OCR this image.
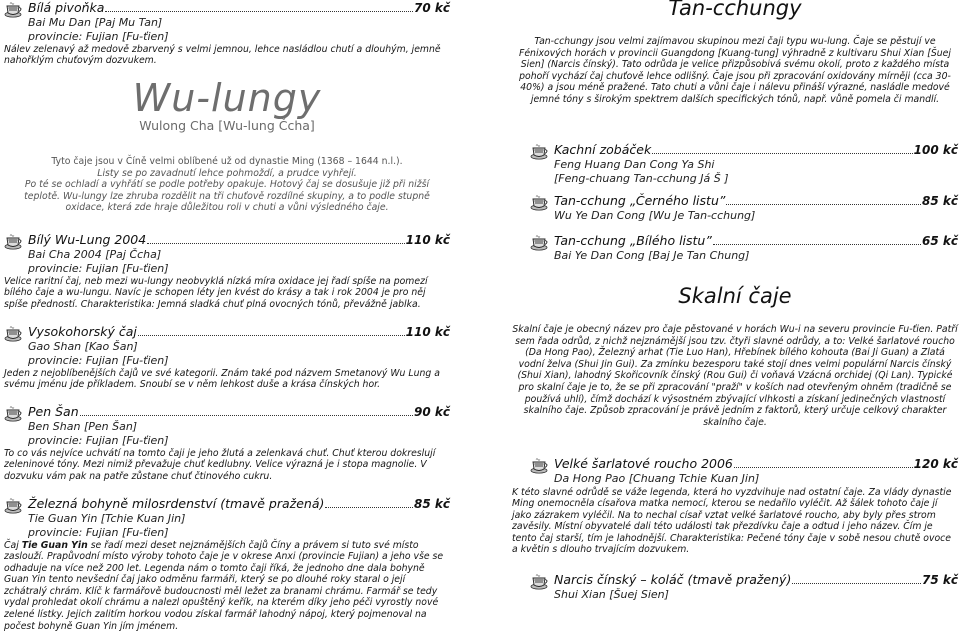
Bílá pivoňka	70 kč
Bai Mu Dan [Paj Mu Tan]
provincie: Fujian [Fu-ťien]
Nálev zelenavý až medově zbarvený s velmi jemnou, lehce nasládlou chutí a dlouhým, jemně nahořklým chuťovým dozvukem.
Wu-lungy
Wulong Cha [Wu-lung Čcha]
Tyto čaje jsou v Číně velmi oblíbené už od dynastie Ming (1368 – 1644 n.l.).
Listy se po zavadnutí lehce pohmoždí, a prudce vyhřejí.
Po té se ochladí a vyhřátí se podle potřeby opakuje. Hotový čaj se dosušuje již při nižší teplotě. Wu-lungy lze zhruba rozdělit na tři chuťově rozdílné skupiny, a to podle stupně oxidace, která zde hraje důležitou roli v chuti a vůni výsledného čaje.
Bílý Wu-Lung 2004	110 kč
Bai Cha 2004 [Paj Čcha]
provincie: Fujian [Fu-ťien]
Velice raritní čaj, neb mezi wu-lungy neobvyklá nízká míra oxidace jej řadí spíše na pomezí bílého čaje a wu-lungu. Navíc je schopen léty jen kvést do krásy a tak i rok 2004 je pro něj spíše předností. Charakteristika: Jemná sladká chuť plná ovocných tónů, převážně jablka.
Vysokohorský čaj	110 kč
Gao Shan [Kao Šan]
provincie: Fujian [Fu-ťien]
Jeden z nejoblíbenějších čajů ve své kategorii. Znám také pod názvem Smetanový Wu Lung a svému jménu jde příkladem. Snoubí se v něm lehkost duše a krása čínských hor.
Pen Šan	90 kč
Ben Shan [Pen Šan]
provincie: Fujian [Fu-ťien]
To co vás nejvíce uchvátí na tomto čaji je jeho žlutá a zelenkavá chuť. Chuť kterou dokreslují zeleninové tóny. Mezi nimiž převažuje chuť kedlubny. Velice výrazná je i stopa magnolie. V dozvuku vám pak na patře zůstane chuť čtinového cukru.
Železná bohyně milosrdenství (tmavě pražená)	85 kč
Tie Guan Yin [Tchie Kuan Jin]
provincie: Fujian [Fu-ťien]
Čaj Tie Guan Yin se řadí mezi deset nejznámějších čajů Číny a právem si tuto své místo zaslouží. Prapůvodní místo výroby tohoto čaje je v okrese Anxi (provincie Fujian) a jeho vše se odhaduje na více než 200 let. Legenda nám o tomto čaji říká, že jednoho dne dala bohyně Guan Yin tento nevšední čaj jako odměnu farmáři, který se po dlouhé roky staral o její zchátralý chrám. Klíč k farmářově budoucnosti měl ležet za branami chrámu. Farmář se tedy vydal prohledat okolí chrámu a nalezl opuštěný keřík, na kterém díky jeho péči vyrostly nové zelené lístky. Jejich zalitím horkou vodou získal farmář lahodný nápoj, který pojmenoval na počest bohyně Guan Yin jím jménem.
Tan-cchungy
Tan-cchungy jsou velmi zajímavou skupinou mezi čaji typu wu-lung. Čaje se pěstují ve Fénixových horách v provincii Guangdong [Kuang-tung] výhradně z kultivaru Shui Xian [Šuej Sien] (Narcis čínský). Tato odrůda je velice přizpůsobivá svému okolí, proto z každého místa pohoří vychází čaj chuťově lehce odlišný. Čaje jsou při zpracování oxidovány mírněji (cca 30-40%) a jsou méně pražené. Tato chuti a vůni čaje i nálevu přináší výrazné, nasládle medové jemné tóny s širokým spektrem dalších specifických tónů, např. vůně pomela či mandlí.
Kachní zobáček	100 kč
Feng Huang Dan Cong Ya Shi
[Feng-chuang Tan-cchung Já Š ]
Tan-cchung „Černého listu”	85 kč
Wu Ye Dan Cong [Wu Je Tan-cchung]
Tan-cchung „Bílého listu”	65 kč
Bai Ye Dan Cong [Baj Je Tan Chung]
Skalní čaje
Skalní čaje je obecný název pro čaje pěstované v horách Wu-i na severu provincie Fu-ťien. Patří sem řada odrůd, z nichž nejznámější jsou tzv. čtyři slavné odrůdy, a to: Velké šarlatové roucho (Da Hong Pao), Železný arhat (Tie Luo Han), Hřebínek bílého kohouta (Bai Ji Guan) a Zlatá vodní želva (Shui Jin Gui). Za zmínku bezesporu také stojí dnes velmi populární Narcis čínský (Shui Xian), lahodný Skořicovník čínský (Rou Gui) či voňavá Vzácná orchidej (Qi Lan). Typické pro skalní čaje je to, že se při zpracování "praží" v koších nad otevřeným ohněm (tradičně se používá uhlí), čímž dochází k výsostném zbývající vlhkosti a získaní jedinečných vlastností skalního čaje. Způsob zpracování je právě jedním z faktorů, který určuje celkový charakter skalního čaje.
Velké šarlatové roucho 2006	120 kč
Da Hong Pao [Chuang Tchie Kuan Jin]
K této slavné odrůdě se váže legenda, která ho vyzdvihuje nad ostatní čaje. Za vlády dynastie Ming onemocněla císařova matka nemocí, kterou se nedařilo vyléčit. Až šálek tohoto čaje jí jako zázrakem vyléčil. Na to nechal císař vztat velké šarlatové roucho, aby byly přes strom zavěsily. Místní obyvatelé dali této události tak přezdívku čaje a odtud i jeho název. Čím je tento čaj starší, tím je lahodnější. Charakteristika: Pečené tóny čaje v sobě nesou chutě ovoce a květin s dlouho trvajícím dozvukem.
Narcis čínský – koláč (tmavě pražený)	75 kč
Shui Xian [Šuej Sien]
